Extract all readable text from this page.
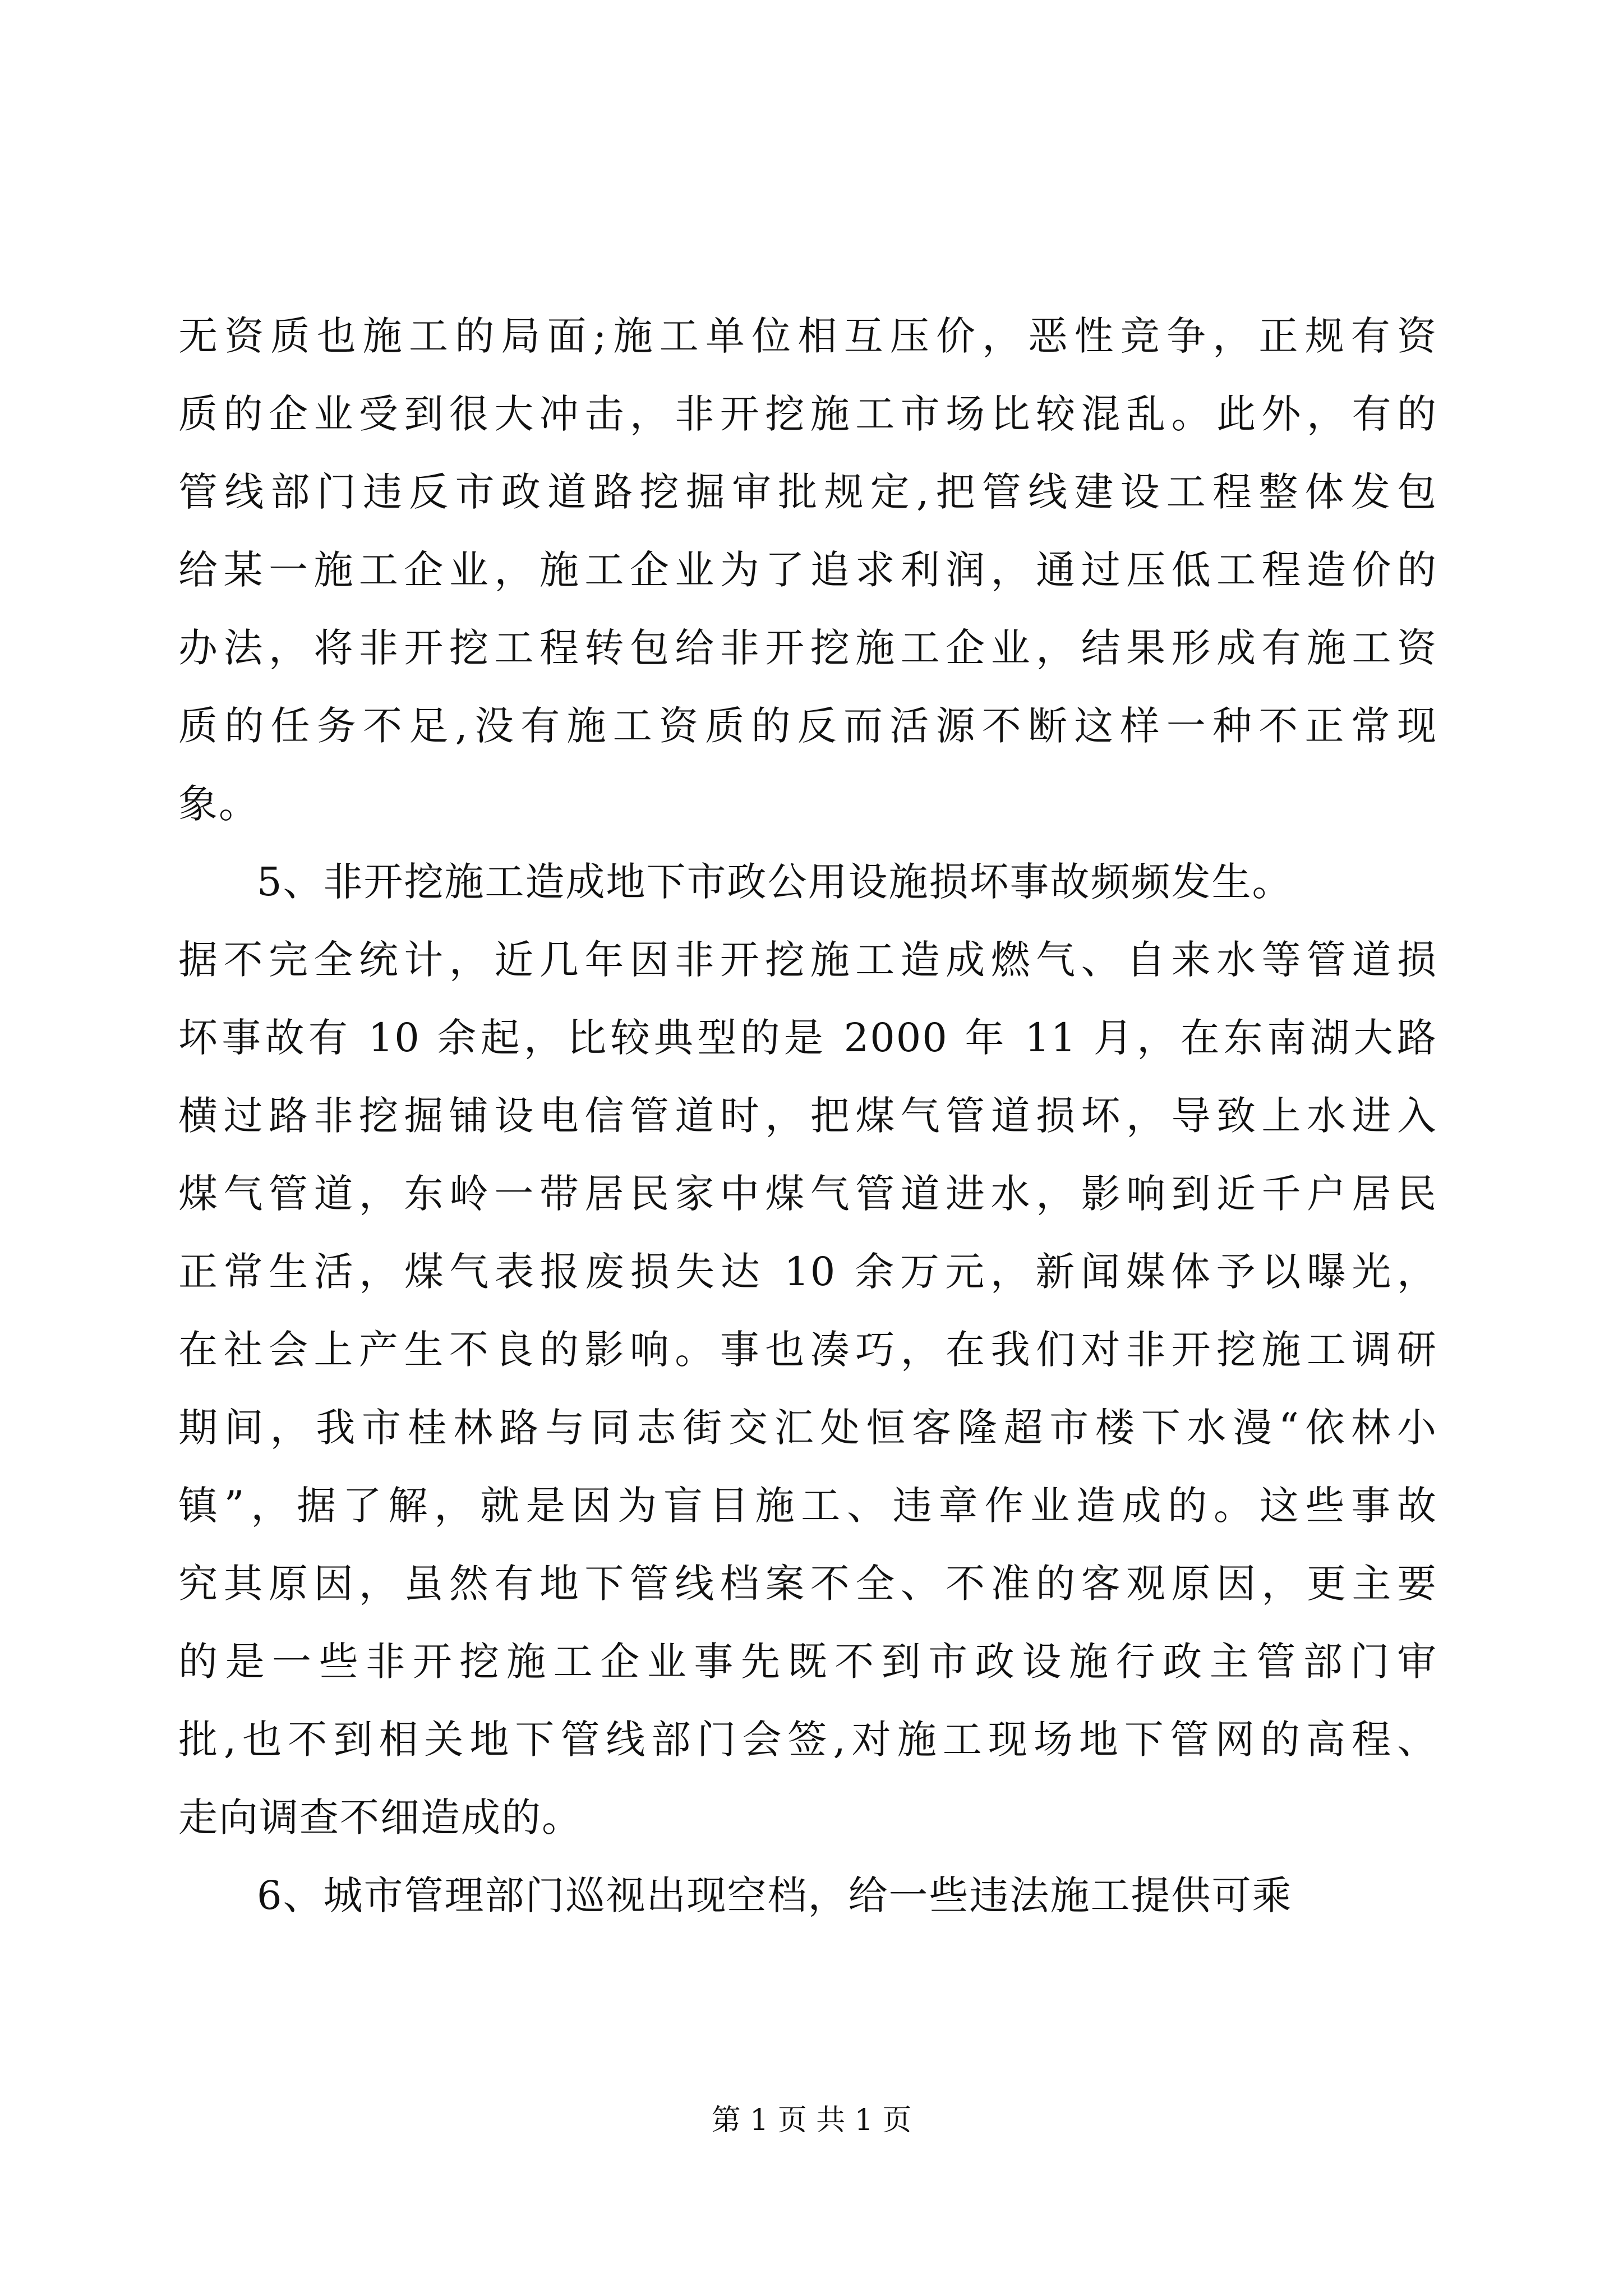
无资质也施工的局面;施工单位相互压价，恶性竞争，正规有资
质的企业受到很大冲击，非开挖施工市场比较混乱。此外，有的
管线部门违反市政道路挖掘审批规定,把管线建设工程整体发包
给某一施工企业，施工企业为了追求利润，通过压低工程造价的
办法，将非开挖工程转包给非开挖施工企业，结果形成有施工资
质的任务不足,没有施工资质的反而活源不断这样一种不正常现
象。
5、非开挖施工造成地下市政公用设施损坏事故频频发生。
据不完全统计，近几年因非开挖施工造成燃气、自来水等管道损
坏事故有 10 余起，比较典型的是 2000 年 11 月，在东南湖大路
横过路非挖掘铺设电信管道时，把煤气管道损坏，导致上水进入
煤气管道，东岭一带居民家中煤气管道进水，影响到近千户居民
正常生活，煤气表报废损失达 10 余万元，新闻媒体予以曝光，
在社会上产生不良的影响。事也凑巧，在我们对非开挖施工调研
期间，我市桂林路与同志街交汇处恒客隆超市楼下水漫“依林小
镇”，据了解，就是因为盲目施工、违章作业造成的。这些事故
究其原因，虽然有地下管线档案不全、不准的客观原因，更主要
的是一些非开挖施工企业事先既不到市政设施行政主管部门审
批,也不到相关地下管线部门会签,对施工现场地下管网的高程、
走向调查不细造成的。
6、城市管理部门巡视出现空档，给一些违法施工提供可乘
第 1 页 共 1 页
